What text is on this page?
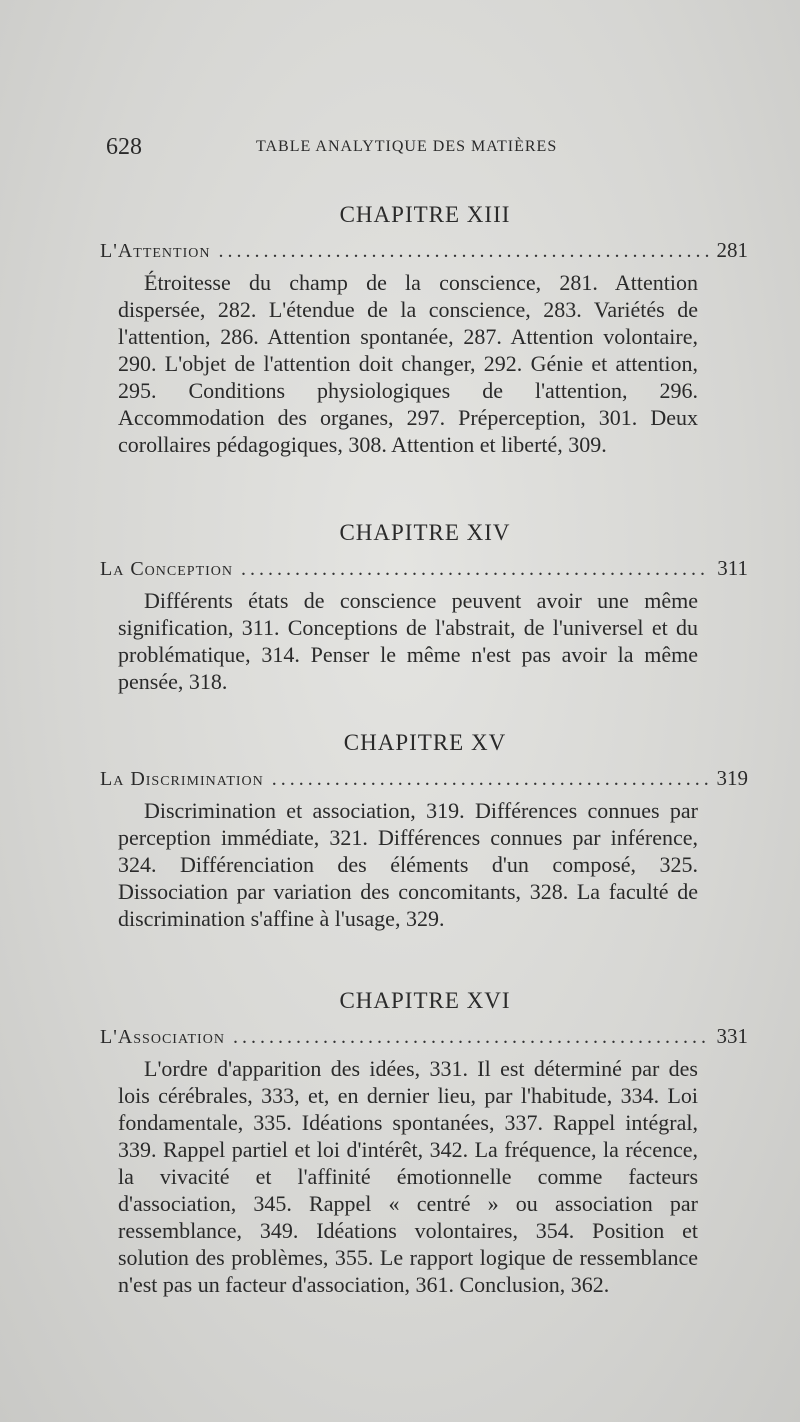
628	TABLE ANALYTIQUE DES MATIÈRES
CHAPITRE XIII
L'Attention .....	281

Étroitesse du champ de la conscience, 281. Attention dispersée, 282. L'étendue de la conscience, 283. Variétés de l'attention, 286. Attention spontanée, 287. Attention volontaire, 290. L'objet de l'attention doit changer, 292. Génie et attention, 295. Conditions physiologiques de l'attention, 296. Accommodation des organes, 297. Préperception, 301. Deux corollaires pédagogiques, 308. Attention et liberté, 309.

CHAPITRE XIV
La Conception .....	311

Différents états de conscience peuvent avoir une même signification, 311. Conceptions de l'abstrait, de l'universel et du problématique, 314. Penser le même n'est pas avoir la même pensée, 318.

CHAPITRE XV
La Discrimination .....	319

Discrimination et association, 319. Différences connues par perception immédiate, 321. Différences connues par inférence, 324. Différenciation des éléments d'un composé, 325. Dissociation par variation des concomitants, 328. La faculté de discrimination s'affine à l'usage, 329.

CHAPITRE XVI
L'Association .....	331

L'ordre d'apparition des idées, 331. Il est déterminé par des lois cérébrales, 333, et, en dernier lieu, par l'habitude, 334. Loi fondamentale, 335. Idéations spontanées, 337. Rappel intégral, 339. Rappel partiel et loi d'intérêt, 342. La fréquence, la récence, la vivacité et l'affinité émotionnelle comme facteurs d'association, 345. Rappel « centré » ou association par ressemblance, 349. Idéations volontaires, 354. Position et solution des problèmes, 355. Le rapport logique de ressemblance n'est pas un facteur d'association, 361. Conclusion, 362.
